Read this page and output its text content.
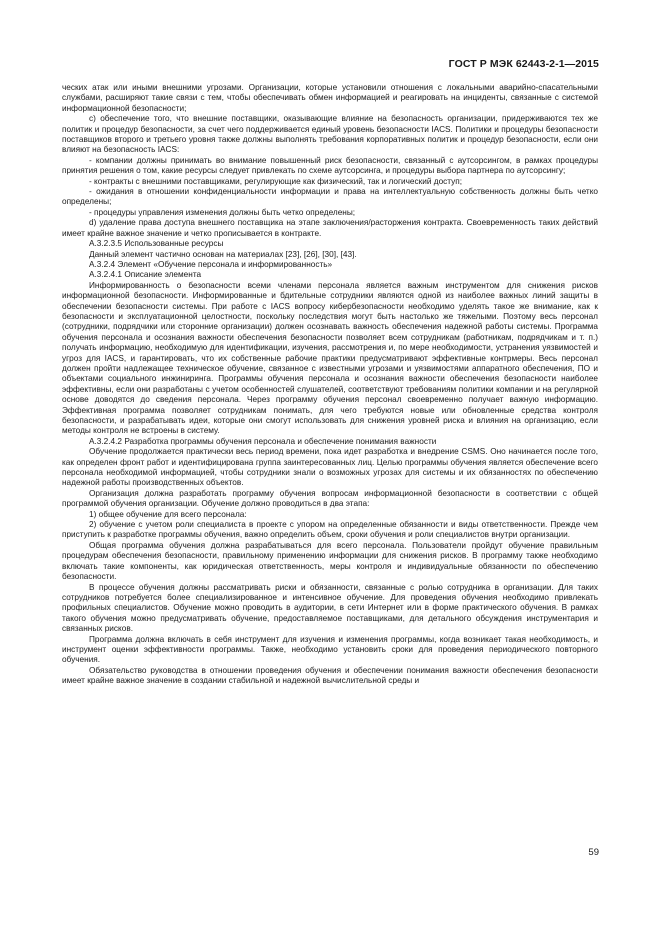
ГОСТ Р МЭК 62443-2-1—2015

ческих атак или иными внешними угрозами. Организации, которые установили отношения с локальными аварийно-спасательными службами, расширяют такие связи с тем, чтобы обеспечивать обмен информацией и реагировать на инциденты, связанные с системой информационной безопасности;

c) обеспечение того, что внешние поставщики, оказывающие влияние на безопасность организации, придерживаются тех же политик и процедур безопасности, за счет чего поддерживается единый уровень безопасности IACS. Политики и процедуры безопасности поставщиков второго и третьего уровня также должны выполнять требования корпоративных политик и процедур безопасности, если они влияют на безопасность IACS:

- компании должны принимать во внимание повышенный риск безопасности, связанный с аутсорсингом, в рамках процедуры принятия решения о том, какие ресурсы следует привлекать по схеме аутсорсинга, и процедуры выбора партнера по аутсорсингу;

- контракты с внешними поставщиками, регулирующие как физический, так и логический доступ;

- ожидания в отношении конфиденциальности информации и права на интеллектуальную собственность должны быть четко определены;

- процедуры управления изменения должны быть четко определены;

d) удаление права доступа внешнего поставщика на этапе заключения/расторжения контракта. Своевременность таких действий имеет крайне важное значение и четко прописывается в контракте.

A.3.2.3.5 Использованные ресурсы

Данный элемент частично основан на материалах [23], [26], [30], [43].

A.3.2.4 Элемент «Обучение персонала и информированность»

A.3.2.4.1 Описание элемента

Информированность о безопасности всеми членами персонала является важным инструментом для снижения рисков информационной безопасности. Информированные и бдительные сотрудники являются одной из наиболее важных линий защиты в обеспечении безопасности системы. При работе с IACS вопросу кибербезопасности необходимо уделять такое же внимание, как к безопасности и эксплуатационной целостности, поскольку последствия могут быть настолько же тяжелыми. Поэтому весь персонал (сотрудники, подрядчики или сторонние организации) должен осознавать важность обеспечения надежной работы системы. Программа обучения персонала и осознания важности обеспечения безопасности позволяет всем сотрудникам (работникам, подрядчикам и т. п.) получать информацию, необходимую для идентификации, изучения, рассмотрения и, по мере необходимости, устранения уязвимостей и угроз для IACS, и гарантировать, что их собственные рабочие практики предусматривают эффективные контрмеры. Весь персонал должен пройти надлежащее техническое обучение, связанное с известными угрозами и уязвимостями аппаратного обеспечения, ПО и объектами социального инжиниринга. Программы обучения персонала и осознания важности обеспечения безопасности наиболее эффективны, если они разработаны с учетом особенностей слушателей, соответствуют требованиям политики компании и на регулярной основе доводятся до сведения персонала. Через программу обучения персонал своевременно получает важную информацию. Эффективная программа позволяет сотрудникам понимать, для чего требуются новые или обновленные средства контроля безопасности, и разрабатывать идеи, которые они смогут использовать для снижения уровней риска и влияния на организацию, если методы контроля не встроены в систему.

A.3.2.4.2 Разработка программы обучения персонала и обеспечение понимания важности

Обучение продолжается практически весь период времени, пока идет разработка и внедрение CSMS. Оно начинается после того, как определен фронт работ и идентифицирована группа заинтересованных лиц. Целью программы обучения является обеспечение всего персонала необходимой информацией, чтобы сотрудники знали о возможных угрозах для системы и их обязанностях по обеспечению надежной работы производственных объектов.

Организация должна разработать программу обучения вопросам информационной безопасности в соответствии с общей программой обучения организации. Обучение должно проводиться в два этапа:

1) общее обучение для всего персонала:

2) обучение с учетом роли специалиста в проекте с упором на определенные обязанности и виды ответственности. Прежде чем приступить к разработке программы обучения, важно определить объем, сроки обучения и роли специалистов внутри организации.

Общая программа обучения должна разрабатываться для всего персонала. Пользователи пройдут обучение правильным процедурам обеспечения безопасности, правильному применению информации для снижения рисков. В программу также необходимо включать такие компоненты, как юридическая ответственность, меры контроля и индивидуальные обязанности по обеспечению безопасности.

В процессе обучения должны рассматривать риски и обязанности, связанные с ролью сотрудника в организации. Для таких сотрудников потребуется более специализированное и интенсивное обучение. Для проведения обучения необходимо привлекать профильных специалистов. Обучение можно проводить в аудитории, в сети Интернет или в форме практического обучения. В рамках такого обучения можно предусматривать обучение, предоставляемое поставщиками, для детального обсуждения инструментария и связанных рисков.

Программа должна включать в себя инструмент для изучения и изменения программы, когда возникает такая необходимость, и инструмент оценки эффективности программы. Также, необходимо установить сроки для проведения периодического повторного обучения.

Обязательство руководства в отношении проведения обучения и обеспечении понимания важности обеспечения безопасности имеет крайне важное значение в создании стабильной и надежной вычислительной среды и

59
